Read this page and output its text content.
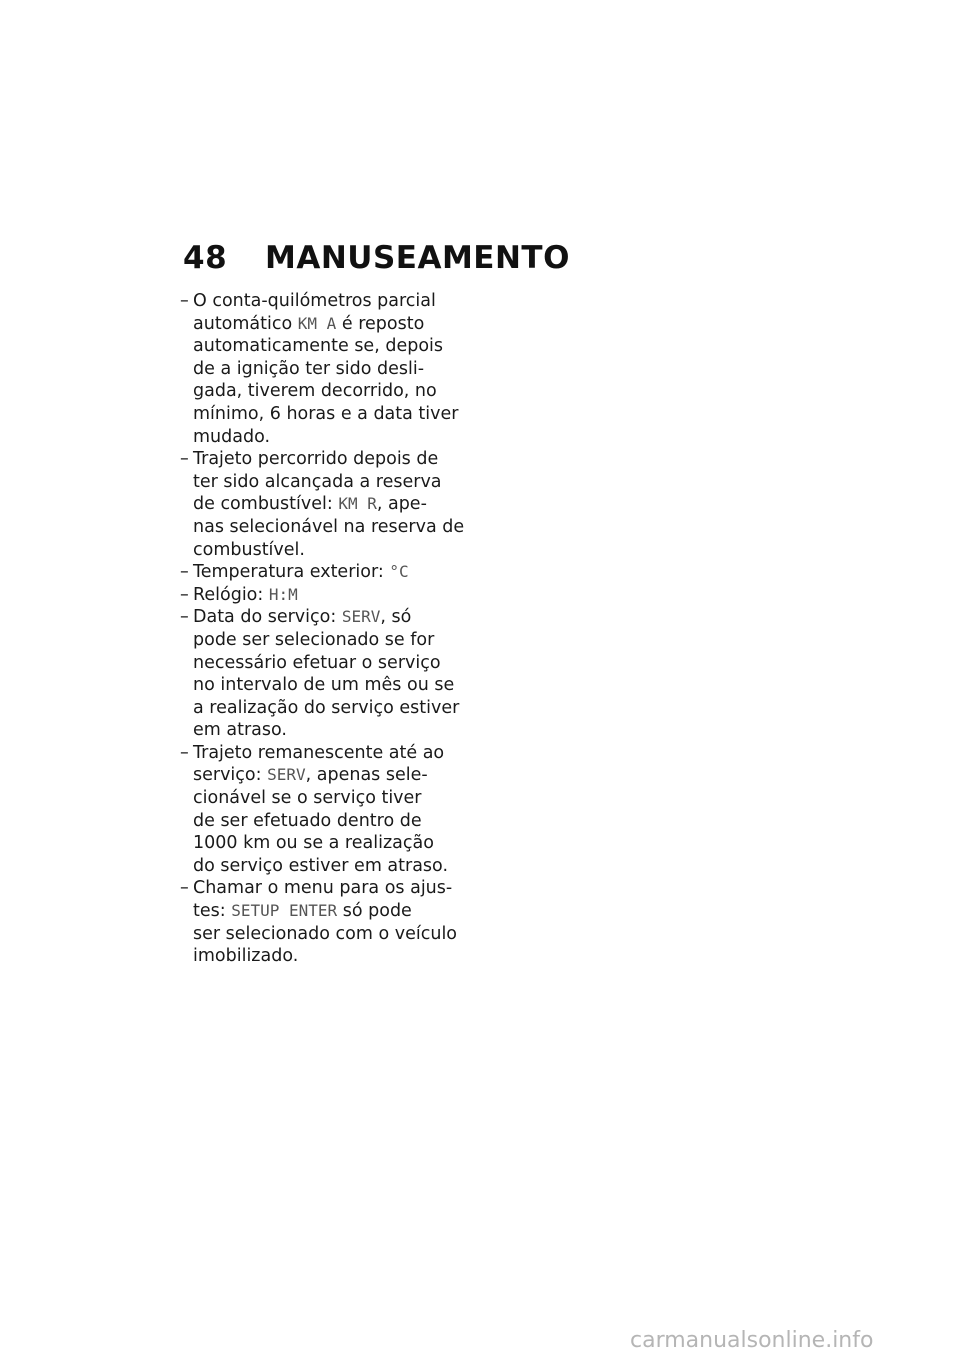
48 MANUSEAMENTO
– O conta-quilómetros parcial
automático KM A é reposto
automaticamente se, depois
de a ignição ter sido desli-
gada, tiverem decorrido, no
mínimo, 6 horas e a data tiver
mudado.
– Trajeto percorrido depois de
ter sido alcançada a reserva
de combustível: KM R, ape-
nas selecionável na reserva de
combustível.
– Temperatura exterior: °C
– Relógio: H:M
– Data do serviço: SERV, só
pode ser selecionado se for
necessário efetuar o serviço
no intervalo de um mês ou se
a realização do serviço estiver
em atraso.
– Trajeto remanescente até ao
serviço: SERV, apenas sele-
cionável se o serviço tiver
de ser efetuado dentro de
1000 km ou se a realização
do serviço estiver em atraso.
– Chamar o menu para os ajus-
tes: SETUP ENTER só pode
ser selecionado com o veículo
imobilizado.
carmanualsonline.info
